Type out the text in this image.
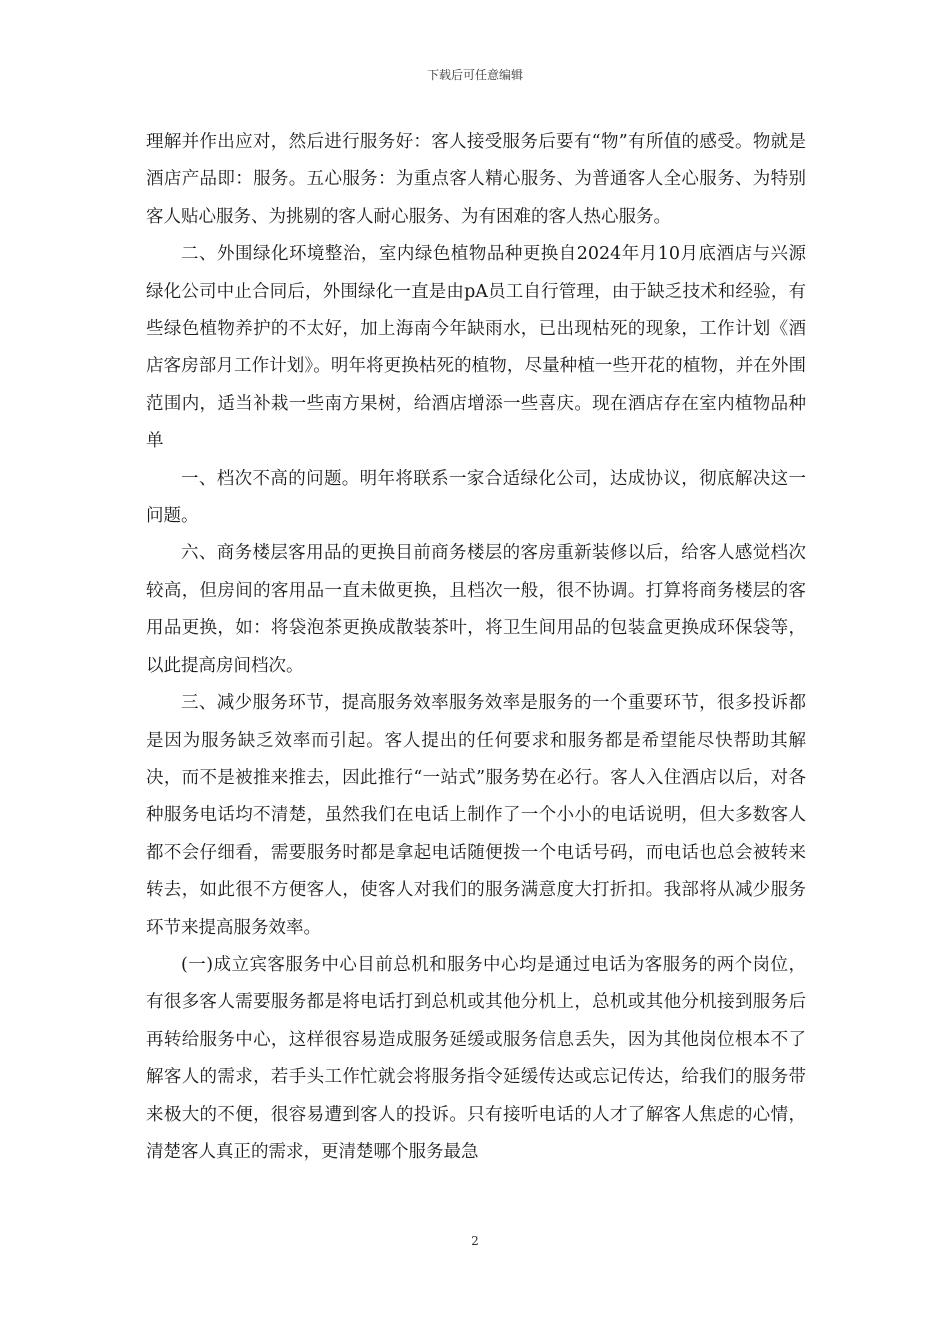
下载后可任意编辑

理解并作出应对，然后进行服务好：客人接受服务后要有“物”有所值的感受。物就是酒店产品即：服务。五心服务：为重点客人精心服务、为普通客人全心服务、为特别客人贴心服务、为挑剔的客人耐心服务、为有困难的客人热心服务。

二、外围绿化环境整治，室内绿色植物品种更换自2024年月10月底酒店与兴源绿化公司中止合同后，外围绿化一直是由pA员工自行管理，由于缺乏技术和经验，有些绿色植物养护的不太好，加上海南今年缺雨水，已出现枯死的现象，工作计划《酒店客房部月工作计划》。明年将更换枯死的植物，尽量种植一些开花的植物，并在外围范围内，适当补栽一些南方果树，给酒店增添一些喜庆。现在酒店存在室内植物品种单

一、档次不高的问题。明年将联系一家合适绿化公司，达成协议，彻底解决这一问题。

六、商务楼层客用品的更换目前商务楼层的客房重新装修以后，给客人感觉档次较高，但房间的客用品一直未做更换，且档次一般，很不协调。打算将商务楼层的客用品更换，如：将袋泡茶更换成散装茶叶，将卫生间用品的包装盒更换成环保袋等，以此提高房间档次。

三、减少服务环节，提高服务效率服务效率是服务的一个重要环节，很多投诉都是因为服务缺乏效率而引起。客人提出的任何要求和服务都是希望能尽快帮助其解决，而不是被推来推去，因此推行“一站式”服务势在必行。客人入住酒店以后，对各种服务电话均不清楚，虽然我们在电话上制作了一个小小的电话说明，但大多数客人都不会仔细看，需要服务时都是拿起电话随便拨一个电话号码，而电话也总会被转来转去，如此很不方便客人，使客人对我们的服务满意度大打折扣。我部将从减少服务环节来提高服务效率。

(一)成立宾客服务中心目前总机和服务中心均是通过电话为客服务的两个岗位，有很多客人需要服务都是将电话打到总机或其他分机上，总机或其他分机接到服务后再转给服务中心，这样很容易造成服务延缓或服务信息丢失，因为其他岗位根本不了解客人的需求，若手头工作忙就会将服务指令延缓传达或忘记传达，给我们的服务带来极大的不便，很容易遭到客人的投诉。只有接听电话的人才了解客人焦虑的心情，清楚客人真正的需求，更清楚哪个服务最急

2
